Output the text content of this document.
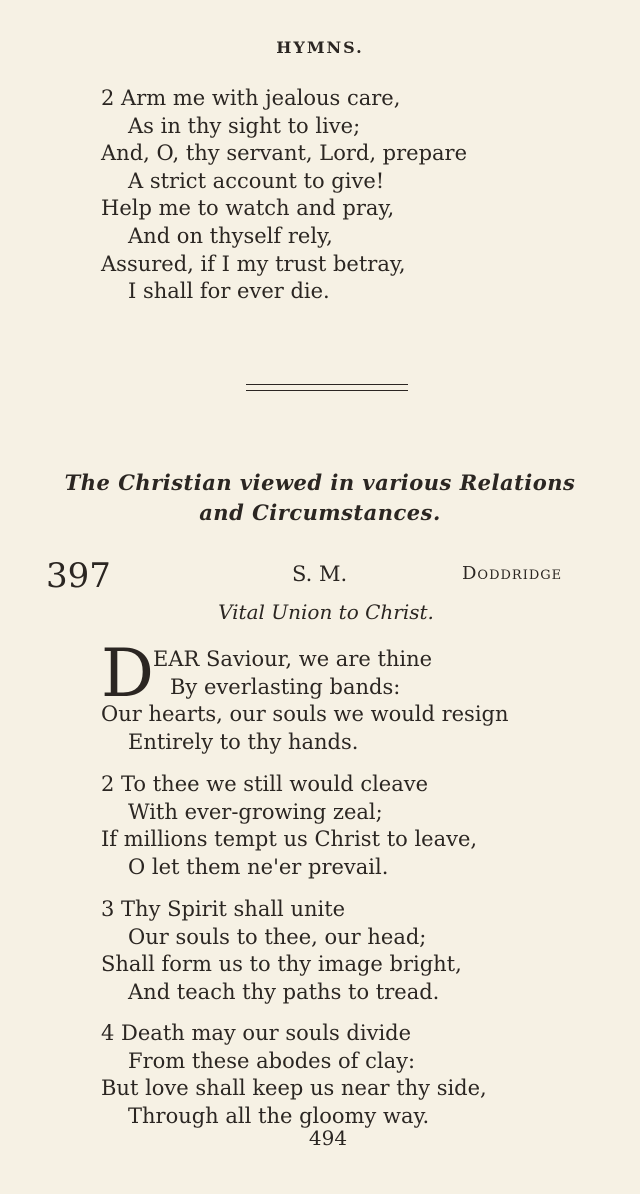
HYMNS.
2 Arm me with jealous care,
As in thy sight to live;
And, O, thy servant, Lord, prepare
A strict account to give!
Help me to watch and pray,
And on thyself rely,
Assured, if I my trust betray,
I shall for ever die.
The Christian viewed in various Relations
and Circumstances.
397	S. M.	Doddridge
Vital Union to Christ.
D EAR Saviour, we are thine
By everlasting bands:
Our hearts, our souls we would resign
Entirely to thy hands.
2 To thee we still would cleave
With ever-growing zeal;
If millions tempt us Christ to leave,
O let them ne'er prevail.
3 Thy Spirit shall unite
Our souls to thee, our head;
Shall form us to thy image bright,
And teach thy paths to tread.
4 Death may our souls divide
From these abodes of clay:
But love shall keep us near thy side,
Through all the gloomy way.
494
